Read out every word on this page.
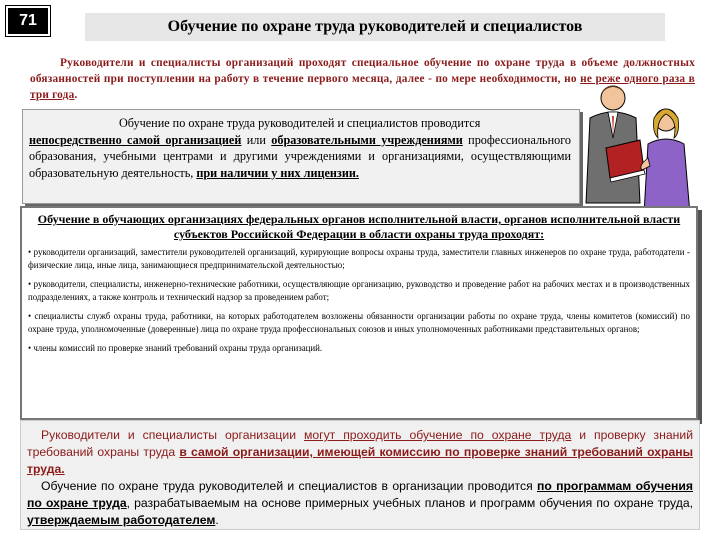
71	Обучение по охране труда руководителей и специалистов
Руководители и специалисты организаций проходят специальное обучение по охране труда в объеме должностных обязанностей при поступлении на работу в течение первого месяца, далее - по мере необходимости, но не реже одного раза в три года.
Обучение по охране труда руководителей и специалистов проводится
непосредственно самой организацией или образовательными учреждениями профессионального образования, учебными центрами и другими учреждениями и организациями, осуществляющими образовательную деятельность, при наличии у них лицензии.
Обучение в обучающих организациях федеральных органов исполнительной власти, органов исполнительной власти субъектов Российской Федерации в области охраны труда проходят:
• руководители организаций, заместители руководителей организаций, курирующие вопросы охраны труда, заместители главных инженеров по охране труда, работодатели - физические лица, иные лица, занимающиеся предпринимательской деятельностью;
• руководители, специалисты, инженерно-технические работники, осуществляющие организацию, руководство и проведение работ на рабочих местах и в производственных подразделениях, а также контроль и технический надзор за проведением работ;
• специалисты служб охраны труда, работники, на которых работодателем возложены обязанности организации работы по охране труда, члены комитетов (комиссий) по охране труда, уполномоченные (доверенные) лица по охране труда профессиональных союзов и иных уполномоченных работниками представительных органов;
• члены комиссий по проверке знаний требований охраны труда организаций.
Руководители и специалисты организации могут проходить обучение по охране труда и проверку знаний требований охраны труда в самой организации, имеющей комиссию по проверке знаний требований охраны труда.
Обучение по охране труда руководителей и специалистов в организации проводится по программам обучения по охране труда, разрабатываемым на основе примерных учебных планов и программ обучения по охране труда, утверждаемым работодателем.
